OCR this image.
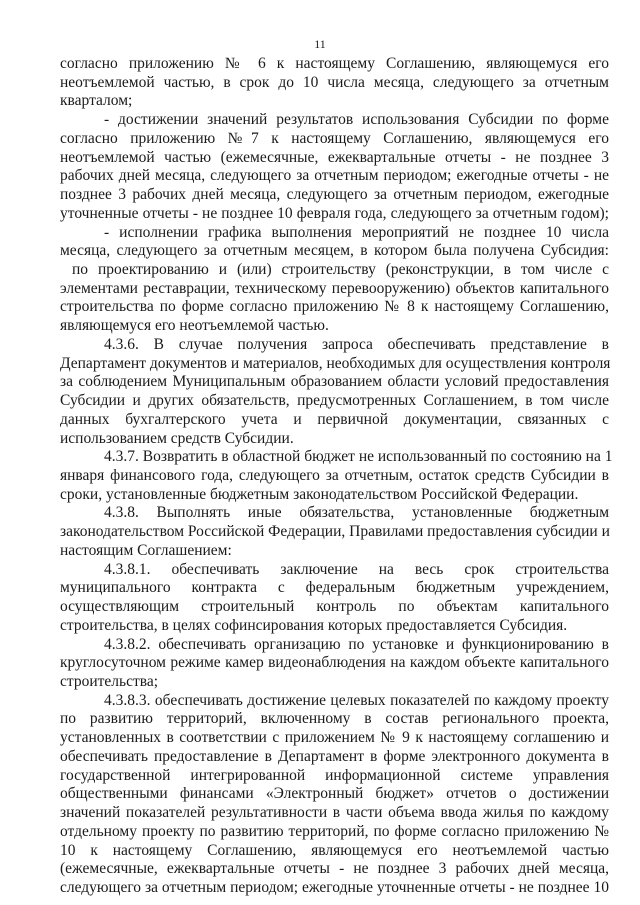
11
согласно приложению № 6 к настоящему Соглашению, являющемуся его
неотъемлемой частью, в срок до 10 числа месяца, следующего за отчетным
кварталом;
- достижении значений результатов использования Субсидии по форме
согласно приложению №7 к настоящему Соглашению, являющемуся его
неотъемлемой частью (ежемесячные, ежеквартальные отчеты - не позднее 3
рабочих дней месяца, следующего за отчетным периодом; ежегодные отчеты - не
позднее 3 рабочих дней месяца, следующего за отчетным периодом, ежегодные
уточненные отчеты - не позднее 10 февраля года, следующего за отчетным годом);
- исполнении графика выполнения мероприятий не позднее 10 числа
месяца, следующего за отчетным месяцем, в котором была получена Субсидия:
по проектированию и (или) строительству (реконструкции, в том числе с
элементами реставрации, техническому перевооружению) объектов капитального
строительства по форме согласно приложению № 8 к настоящему Соглашению,
являющемуся его неотъемлемой частью.
4.3.6. В случае получения запроса обеспечивать представление в
Департамент документов и материалов, необходимых для осуществления контроля
за соблюдением Муниципальным образованием области условий предоставления
Субсидии и других обязательств, предусмотренных Соглашением, в том числе
данных бухгалтерского учета и первичной документации, связанных с
использованием средств Субсидии.
4.3.7. Возвратить в областной бюджет не использованный по состоянию на 1
января финансового года, следующего за отчетным, остаток средств Субсидии в
сроки, установленные бюджетным законодательством Российской Федерации.
4.3.8. Выполнять иные обязательства, установленные бюджетным
законодательством Российской Федерации, Правилами предоставления субсидии и
настоящим Соглашением:
4.3.8.1. обеспечивать заключение на весь срок строительства
муниципального контракта с федеральным бюджетным учреждением,
осуществляющим строительный контроль по объектам капитального
строительства, в целях софинсирования которых предоставляется Субсидия.
4.3.8.2. обеспечивать организацию по установке и функционированию в
круглосуточном режиме камер видеонаблюдения на каждом объекте капитального
строительства;
4.3.8.3. обеспечивать достижение целевых показателей по каждому проекту
по развитию территорий, включенному в состав регионального проекта,
установленных в соответствии с приложением № 9 к настоящему соглашению и
обеспечивать предоставление в Департамент в форме электронного документа в
государственной интегрированной информационной системе управления
общественными финансами «Электронный бюджет» отчетов о достижении
значений показателей результативности в части объема ввода жилья по каждому
отдельному проекту по развитию территорий, по форме согласно приложению №
10 к настоящему Соглашению, являющемуся его неотъемлемой частью
(ежемесячные, ежеквартальные отчеты - не позднее 3 рабочих дней месяца,
следующего за отчетным периодом; ежегодные уточненные отчеты - не позднее 10
